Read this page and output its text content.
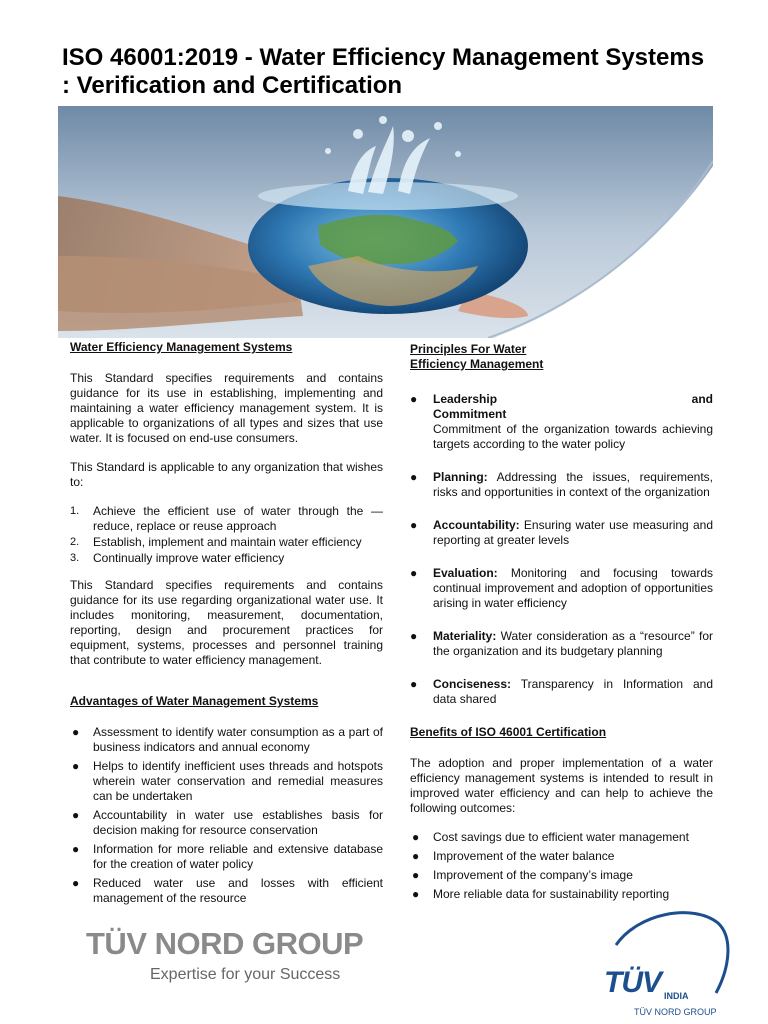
ISO 46001:2019 - Water Efficiency Management Systems : Verification and Certification
Water Efficiency Management Systems
This Standard specifies requirements and contains guidance for its use in establishing, implementing and maintaining a water efficiency management system. It is applicable to organizations of all types and sizes that use water. It is focused on end-use consumers.
This Standard is applicable to any organization that wishes to:
1. Achieve the efficient use of water through the — reduce, replace or reuse approach
2. Establish, implement and maintain water efficiency
3. Continually improve water efficiency
This Standard specifies requirements and contains guidance for its use regarding organizational water use. It includes monitoring, measurement, documentation, reporting, design and procurement practices for equipment, systems, processes and personnel training that contribute to water efficiency management.
Advantages of Water Management Systems
● Assessment to identify water consumption as a part of business indicators and annual economy
● Helps to identify inefficient uses threads and hotspots wherein water conservation and remedial measures can be undertaken
● Accountability in water use establishes basis for decision making for resource conservation
● Information for more reliable and extensive database for the creation of water policy
● Reduced water use and losses with efficient management of the resource
Principles For Water Efficiency Management
● Leadership and Commitment
Commitment of the organization towards achieving targets according to the water policy
● Planning: Addressing the issues, requirements, risks and opportunities in context of the organization
● Accountability: Ensuring water use measuring and reporting at greater levels
● Evaluation: Monitoring and focusing towards continual improvement and adoption of opportunities arising in water efficiency
● Materiality: Water consideration as a “resource” for the organization and its budgetary planning
● Conciseness: Transparency in Information and data shared
Benefits of ISO 46001 Certification
The adoption and proper implementation of a water efficiency management systems is intended to result in improved water efficiency and can help to achieve the following outcomes:
● Cost savings due to efficient water management
● Improvement of the water balance
● Improvement of the company’s image
● More reliable data for sustainability reporting
TÜV NORD GROUP
Expertise for your Success	TÜV INDIA
TÜV NORD GROUP
